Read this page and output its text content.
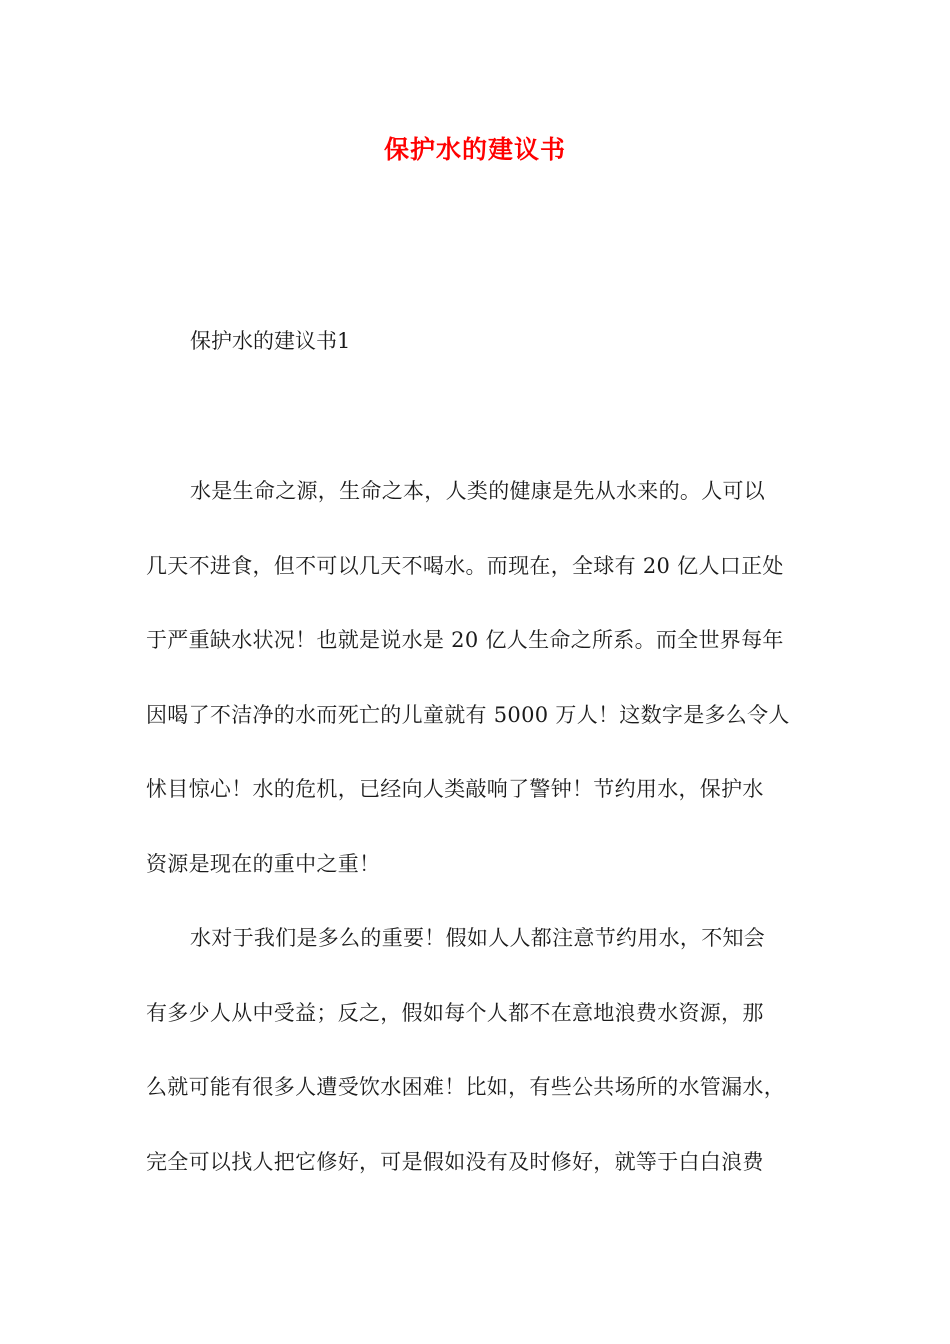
保护水的建议书

保护水的建议书1

水是生命之源，生命之本，人类的健康是先从水来的。人可以
几天不进食，但不可以几天不喝水。而现在，全球有 20 亿人口正处
于严重缺水状况！也就是说水是 20 亿人生命之所系。而全世界每年
因喝了不洁净的水而死亡的儿童就有 5000 万人！这数字是多么令人
怵目惊心！水的危机，已经向人类敲响了警钟！节约用水，保护水
资源是现在的重中之重！
水对于我们是多么的重要！假如人人都注意节约用水，不知会
有多少人从中受益；反之，假如每个人都不在意地浪费水资源，那
么就可能有很多人遭受饮水困难！比如，有些公共场所的水管漏水，
完全可以找人把它修好，可是假如没有及时修好，就等于白白浪费
